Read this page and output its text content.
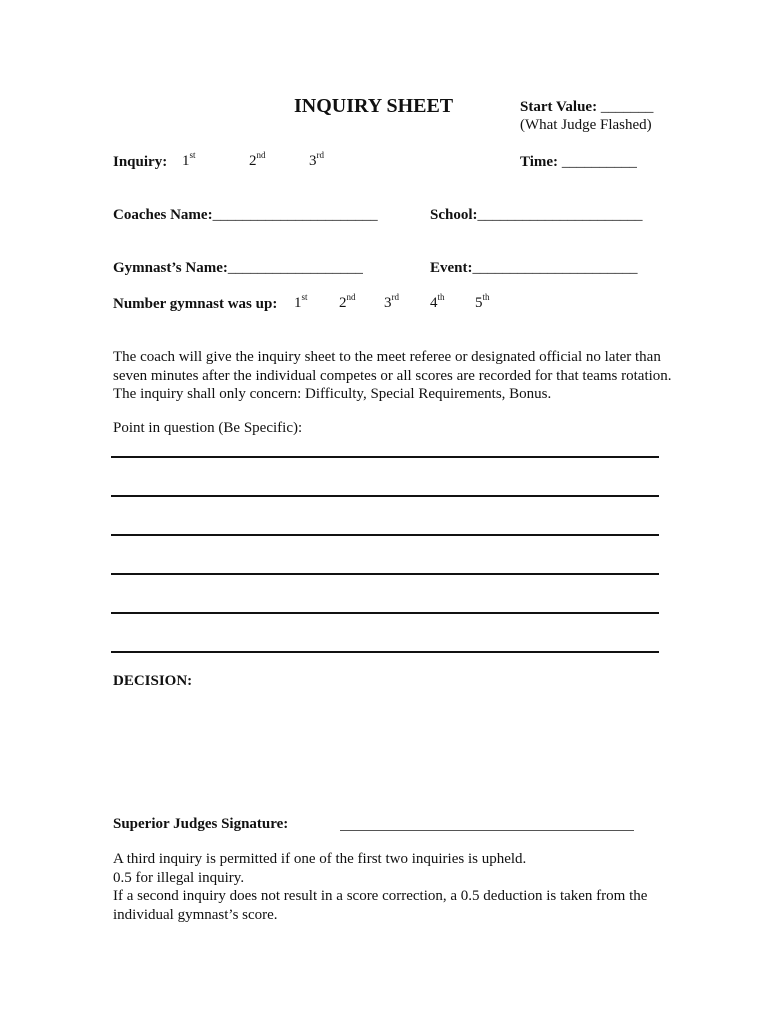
INQUIRY SHEET	Start Value: _______
(What Judge Flashed)
Inquiry: 1st	2nd	3rd	Time: __________
Coaches Name:______________________	School:______________________
Gymnast’s Name:__________________	Event:______________________
Number gymnast was up: 1st 2nd 3rd 4th 5th
The coach will give the inquiry sheet to the meet referee or designated official no later than seven minutes after the individual competes or all scores are recorded for that teams rotation. The inquiry shall only concern: Difficulty, Special Requirements, Bonus.
Point in question (Be Specific):
DECISION:
Superior Judges Signature:
A third inquiry is permitted if one of the first two inquiries is upheld.
0.5 for illegal inquiry.
If a second inquiry does not result in a score correction, a 0.5 deduction is taken from the individual gymnast’s score.
